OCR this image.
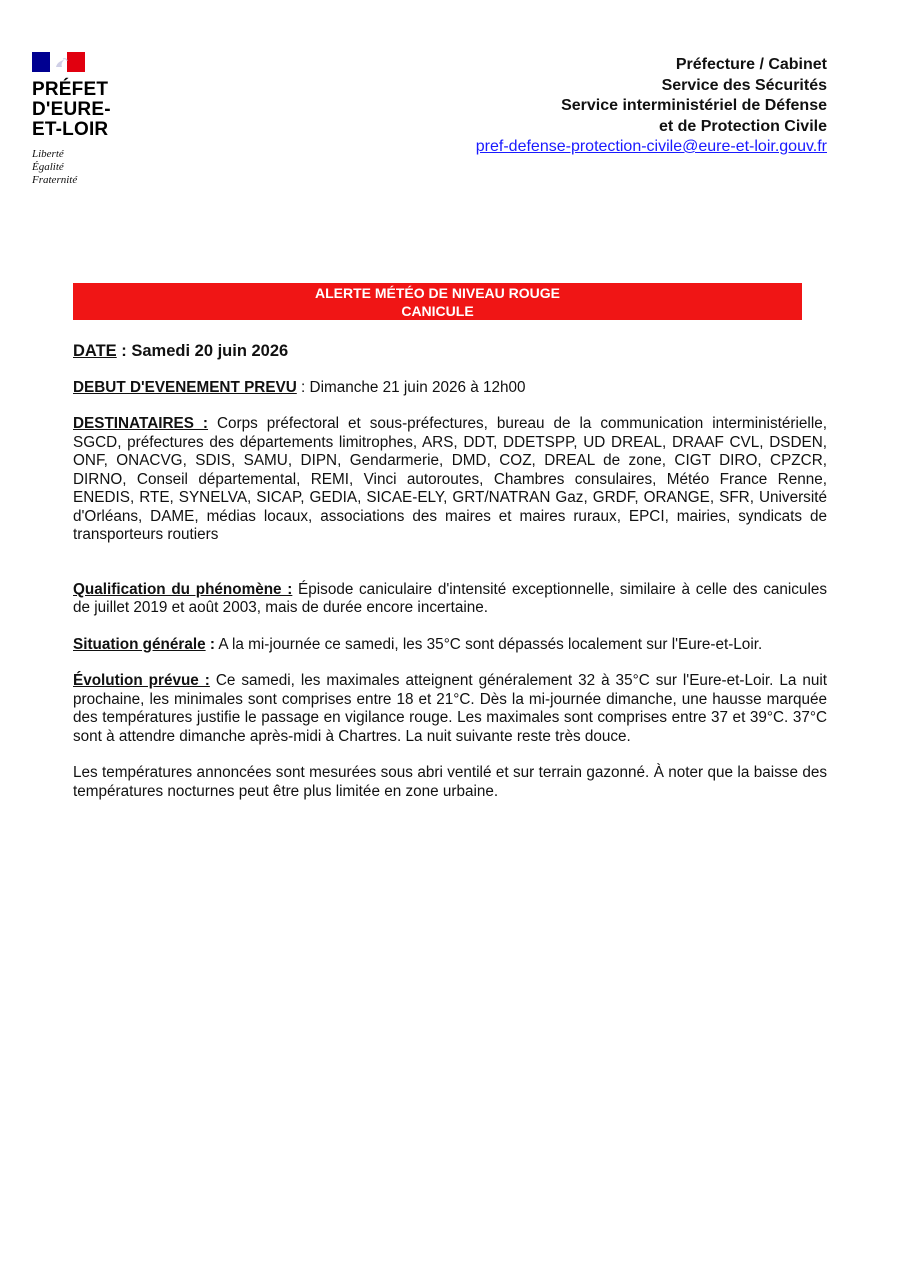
PRÉFET
D'EURE-
ET-LOIR
Liberté
Égalité
Fraternité
Préfecture / Cabinet
Service des Sécurités
Service interministériel de Défense
et de Protection Civile
pref-defense-protection-civile@eure-et-loir.gouv.fr
ALERTE MÉTÉO DE NIVEAU ROUGE
CANICULE

DATE : Samedi 20 juin 2026

DEBUT D'EVENEMENT PREVU : Dimanche 21 juin 2026 à 12h00

DESTINATAIRES : Corps préfectoral et sous-préfectures, bureau de la communication interministérielle, SGCD, préfectures des départements limitrophes, ARS, DDT, DDETSPP, UD DREAL, DRAAF CVL, DSDEN, ONF, ONACVG, SDIS, SAMU, DIPN, Gendarmerie, DMD, COZ, DREAL de zone, CIGT DIRO, CPZCR, DIRNO, Conseil départemental, REMI, Vinci autoroutes, Chambres consulaires, Météo France Renne, ENEDIS, RTE, SYNELVA, SICAP, GEDIA, SICAE-ELY, GRT/NATRAN Gaz, GRDF, ORANGE, SFR, Université d'Orléans, DAME, médias locaux, associations des maires et maires ruraux, EPCI, mairies, syndicats de transporteurs routiers

Qualification du phénomène : Épisode caniculaire d'intensité exceptionnelle, similaire à celle des canicules de juillet 2019 et août 2003, mais de durée encore incertaine.

Situation générale : A la mi-journée ce samedi, les 35°C sont dépassés localement sur l'Eure-et-Loir.

Évolution prévue : Ce samedi, les maximales atteignent généralement 32 à 35°C sur l'Eure-et-Loir. La nuit prochaine, les minimales sont comprises entre 18 et 21°C. Dès la mi-journée dimanche, une hausse marquée des températures justifie le passage en vigilance rouge. Les maximales sont comprises entre 37 et 39°C. 37°C sont à attendre dimanche après-midi à Chartres. La nuit suivante reste très douce.

Les températures annoncées sont mesurées sous abri ventilé et sur terrain gazonné. À noter que la baisse des températures nocturnes peut être plus limitée en zone urbaine.
